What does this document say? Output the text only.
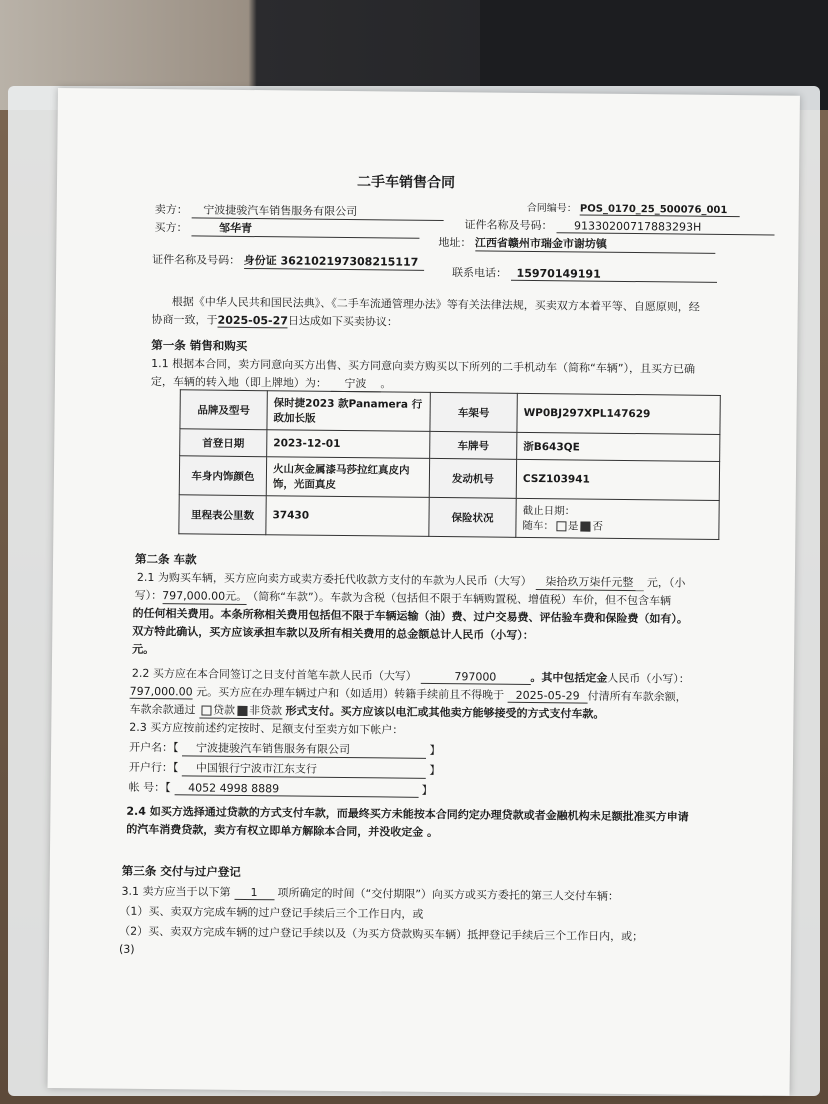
二手车销售合同
卖方： 宁波捷骏汽车销售服务有限公司	合同编号： POS_0170_25_500076_001
买方：	邹华青	证件名称及号码： 91330200717883293H
地址： 江西省赣州市瑞金市谢坊镇
证件名称及号码： 身份证 362102197308215117
联系电话： 15970149191
根据《中华人民共和国民法典》、《二手车流通管理办法》等有关法律法规，买卖双方本着平等、自愿原则，经
协商一致，于2025-05-27日达成如下买卖协议：
第一条 销售和购买
1.1 根据本合同，卖方同意向买方出售、买方同意向卖方购买以下所列的二手机动车（简称“车辆”），且买方已确
定，车辆的转入地（即上牌地）为： 宁波 。
品牌及型号	保时捷2023 款Panamera 行政加长版	车架号	WP0BJ297XPL147629
首登日期	2023-12-01	车牌号	浙B643QE
车身内饰颜色	火山灰金属漆马莎拉红真皮内饰，光面真皮	发动机号	CSZ103941
里程表公里数	37430	保险状况	截止日期：
随车： 是 否
第二条 车款
2.1 为购买车辆，买方应向卖方或卖方委托代收款方支付的车款为人民币（大写） 柒拾玖万柒仟元整 元，（小
写）：797,000.00元。（简称“车款”）。车款为含税（包括但不限于车辆购置税、增值税）车价，但不包含车辆
的任何相关费用。本条所称相关费用包括但不限于车辆运输（油）费、过户交易费、评估验车费和保险费（如有）。
双方特此确认，买方应该承担车款以及所有相关费用的总金额总计人民币（小写）：
元。
2.2 买方应在本合同签订之日支付首笔车款人民币（大写）	797000	。其中包括定金人民币（小写）：
797,000.00 元。买方应在办理车辆过户和（如适用）转籍手续前且不得晚于 2025-05-29 付清所有车款余额，
车款余款通过 贷款 非贷款 形式支付。买方应该以电汇或其他卖方能够接受的方式支付车款。
2.3 买方应按前述约定按时、足额支付至卖方如下帐户：
开户名：【 宁波捷骏汽车销售服务有限公司	】
开户行：【 中国银行宁波市江东支行	】
帐 号：【 4052 4998 8889	】
2.4 如买方选择通过贷款的方式支付车款，而最终买方未能按本合同约定办理贷款或者金融机构未足额批准买方申请
的汽车消费贷款，卖方有权立即单方解除本合同，并没收定金 。
第三条 交付与过户登记
3.1 卖方应当于以下第 1 项所确定的时间（“交付期限”）向买方或买方委托的第三人交付车辆：
（1）买、卖双方完成车辆的过户登记手续后三个工作日内，或
（2）买、卖双方完成车辆的过户登记手续以及（为买方贷款购买车辆）抵押登记手续后三个工作日内，或；
(3)
